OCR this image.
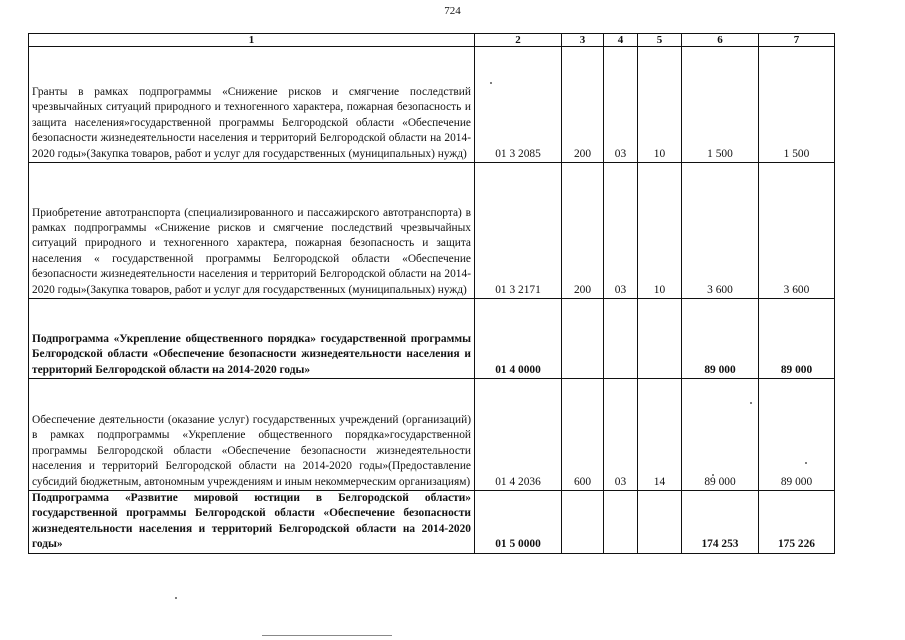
724
1	2	3	4	5	6	7
Гранты в рамках подпрограммы «Снижение рисков и смягчение последствий чрезвычайных ситуаций природного и техногенного характера, пожарная безопасность и защита населения»государственной программы Белгородской области «Обеспечение безопасности жизнедеятельности населения и территорий Белгородской области на 2014-2020 годы»(Закупка товаров, работ и услуг для государственных (муниципальных) нужд)	01 3 2085	200	03	10	1 500	1 500
Приобретение автотранспорта (специализированного и пассажирского автотранспорта) в рамках подпрограммы «Снижение рисков и смягчение последствий чрезвычайных ситуаций природного и техногенного характера, пожарная безопасность и защита населения « государственной программы Белгородской области «Обеспечение безопасности жизнедеятельности населения и территорий Белгородской области на 2014-2020 годы»(Закупка товаров, работ и услуг для государственных (муниципальных) нужд)	01 3 2171	200	03	10	3 600	3 600
Подпрограмма «Укрепление общественного порядка» государственной программы Белгородской области «Обеспечение безопасности жизнедеятельности населения и территорий Белгородской области на 2014-2020 годы»	01 4 0000				89 000	89 000
Обеспечение деятельности (оказание услуг) государственных учреждений (организаций) в рамках подпрограммы «Укрепление общественного порядка»государственной программы Белгородской области «Обеспечение безопасности жизнедеятельности населения и территорий Белгородской области на 2014-2020 годы»(Предоставление субсидий бюджетным, автономным учреждениям и иным некоммерческим организациям)	01 4 2036	600	03	14	89 000	89 000
Подпрограмма «Развитие мировой юстиции в Белгородской области» государственной программы Белгородской области «Обеспечение безопасности жизнедеятельности населения и территорий Белгородской области на 2014-2020 годы»	01 5 0000				174 253	175 226
